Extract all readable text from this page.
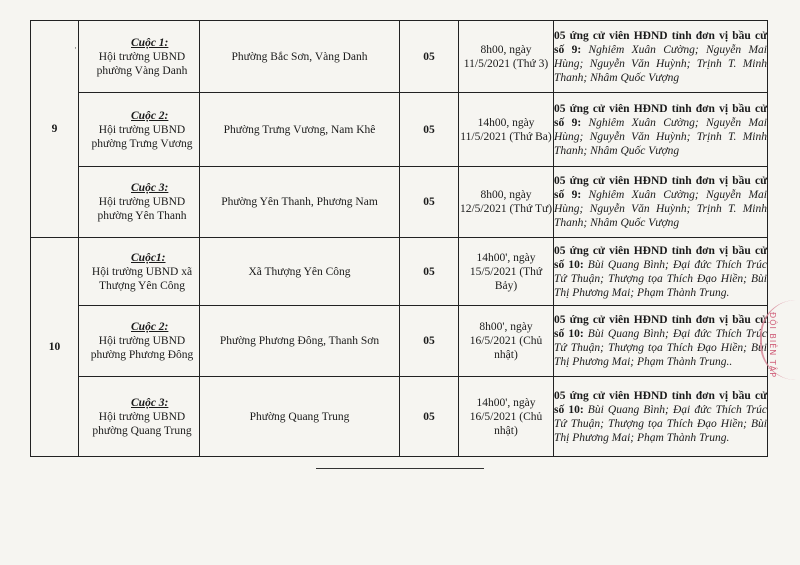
·
9	Cuộc 1:
Hội trường UBND phường Vàng Danh	Phường Bắc Sơn, Vàng Danh	05	8h00, ngày 11/5/2021 (Thứ 3)	05 ứng cử viên HĐND tỉnh đơn vị bầu cử số 9: Nghiêm Xuân Cường; Nguyễn Mai Hùng; Nguyễn Văn Huỳnh; Trịnh T. Minh Thanh; Nhâm Quốc Vượng

	Cuộc 2:
Hội trường UBND phường Trưng Vương	Phường Trưng Vương, Nam Khê	05	14h00, ngày 11/5/2021 (Thứ Ba)	05 ứng cử viên HĐND tỉnh đơn vị bầu cử số 9: Nghiêm Xuân Cường; Nguyễn Mai Hùng; Nguyễn Văn Huỳnh; Trịnh T. Minh Thanh; Nhâm Quốc Vượng

	Cuộc 3:
Hội trường UBND phường Yên Thanh	Phường Yên Thanh, Phương Nam	05	8h00, ngày 12/5/2021 (Thứ Tư)	05 ứng cử viên HĐND tỉnh đơn vị bầu cử số 9: Nghiêm Xuân Cường; Nguyễn Mai Hùng; Nguyễn Văn Huỳnh; Trịnh T. Minh Thanh; Nhâm Quốc Vượng
10	Cuộc1:
Hội trường UBND xã Thượng Yên Công	Xã Thượng Yên Công	05	14h00', ngày 15/5/2021 (Thứ Bảy)	05 ứng cử viên HĐND tỉnh đơn vị bầu cử số 10: Bùi Quang Bình; Đại đức Thích Trúc Tứ Thuận; Thượng tọa Thích Đạo Hiền; Bùi Thị Phương Mai; Phạm Thành Trung.

	Cuộc 2:
Hội trường UBND phường Phương Đông	Phường Phương Đông, Thanh Sơn	05	8h00', ngày 16/5/2021 (Chủ nhật)	05 ứng cử viên HĐND tỉnh đơn vị bầu cử số 10: Bùi Quang Bình; Đại đức Thích Trúc Tứ Thuận; Thượng tọa Thích Đạo Hiền; Bùi Thị Phương Mai; Phạm Thành Trung..

	Cuộc 3:
Hội trường UBND phường Quang Trung	Phường Quang Trung	05	14h00', ngày 16/5/2021 (Chủ nhật)	05 ứng cử viên HĐND tỉnh đơn vị bầu cử số 10: Bùi Quang Bình; Đại đức Thích Trúc Tứ Thuận; Thượng tọa Thích Đạo Hiền; Bùi Thị Phương Mai; Phạm Thành Trung.
ĐỘI BIÊN TẬP
